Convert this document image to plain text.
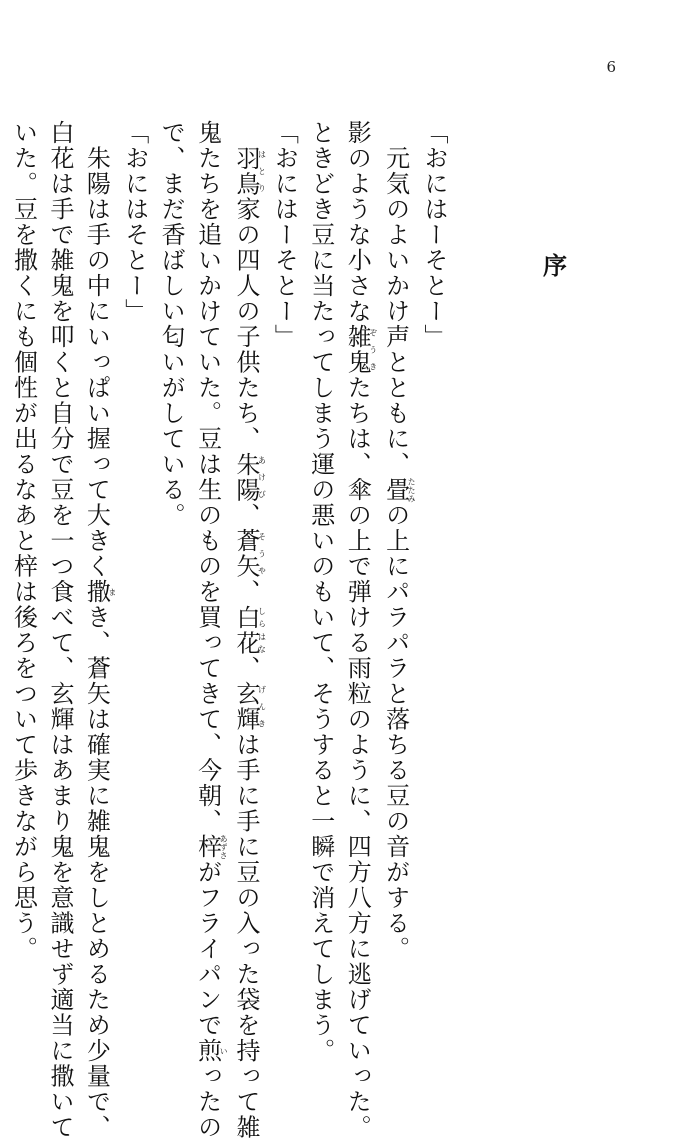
6
序

「おにはーそとー」

　元気のよいかけ声とともに、畳たたみの上にパラパラと落ちる豆の音がする。

影のような小さな雑鬼ぞうきたちは、傘の上で弾ける雨粒のように、四方八方に逃げていった。

ときどき豆に当たってしまう運の悪いのもいて、そうすると一瞬で消えてしまう。

「おにはーそとー」

　羽鳥はとり家の四人の子供たち、朱陽あけび、蒼矢そうや、白花しらはな、玄輝げんきは手に手に豆の入った袋を持って雑

鬼たちを追いかけていた。豆は生のものを買ってきて、今朝、梓あずさがフライパンで煎いったの

で、まだ香ばしい匂いがしている。

「おにはそとー」

　朱陽は手の中にいっぱい握って大きく撒まき、蒼矢は確実に雑鬼をしとめるため少量で、

白花は手で雑鬼を叩くと自分で豆を一つ食べて、玄輝はあまり鬼を意識せず適当に撒いて

いた。豆を撒くにも個性が出るなあと梓は後ろをついて歩きながら思う。
